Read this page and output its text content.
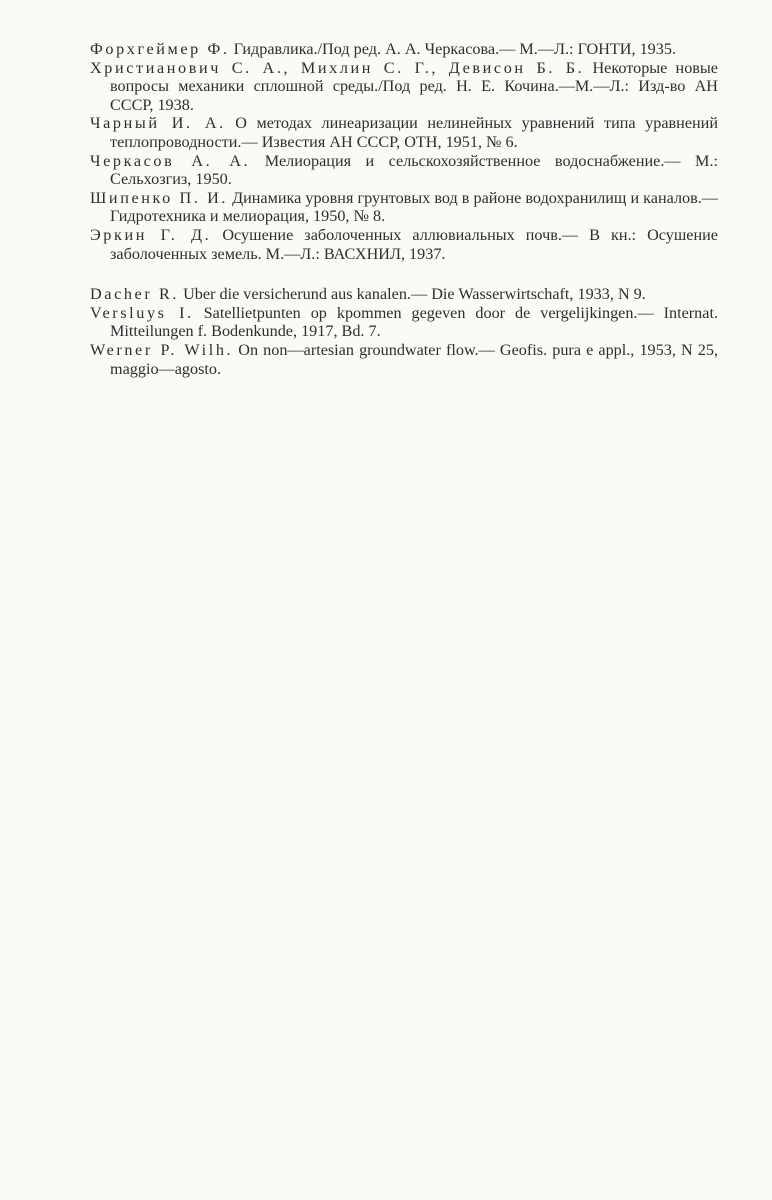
Форхгеймер Ф. Гидравлика./Под ред. А. А. Черкасова.— М.—Л.: ГОНТИ, 1935.

Христианович С. А., Михлин С. Г., Девисон Б. Б. Некоторые новые вопросы механики сплошной среды./Под ред. Н. Е. Кочина.—М.—Л.: Изд-во АН СССР, 1938.

Чарный И. А. О методах линеаризации нелинейных уравнений типа уравнений теплопроводности.— Известия АН СССР, ОТН, 1951, № 6.

Черкасов А. А. Мелиорация и сельскохозяйственное водоснабжение.— М.: Сельхозгиз, 1950.

Шипенко П. И. Динамика уровня грунтовых вод в районе водохранилищ и каналов.— Гидротехника и мелиорация, 1950, № 8.

Эркин Г. Д. Осушение заболоченных аллювиальных почв.— В кн.: Осушение заболоченных земель. М.—Л.: ВАСХНИЛ, 1937.

Dacher R. Uber die versicherund aus kanalen.— Die Wasserwirtschaft, 1933, N 9.

Versluys I. Satellietpunten op kpommen gegeven door de vergelijkingen.— Internat. Mitteilungen f. Bodenkunde, 1917, Bd. 7.

Werner P. Wilh. On non—artesian groundwater flow.— Geofis. pura e appl., 1953, N 25, maggio—agosto.
